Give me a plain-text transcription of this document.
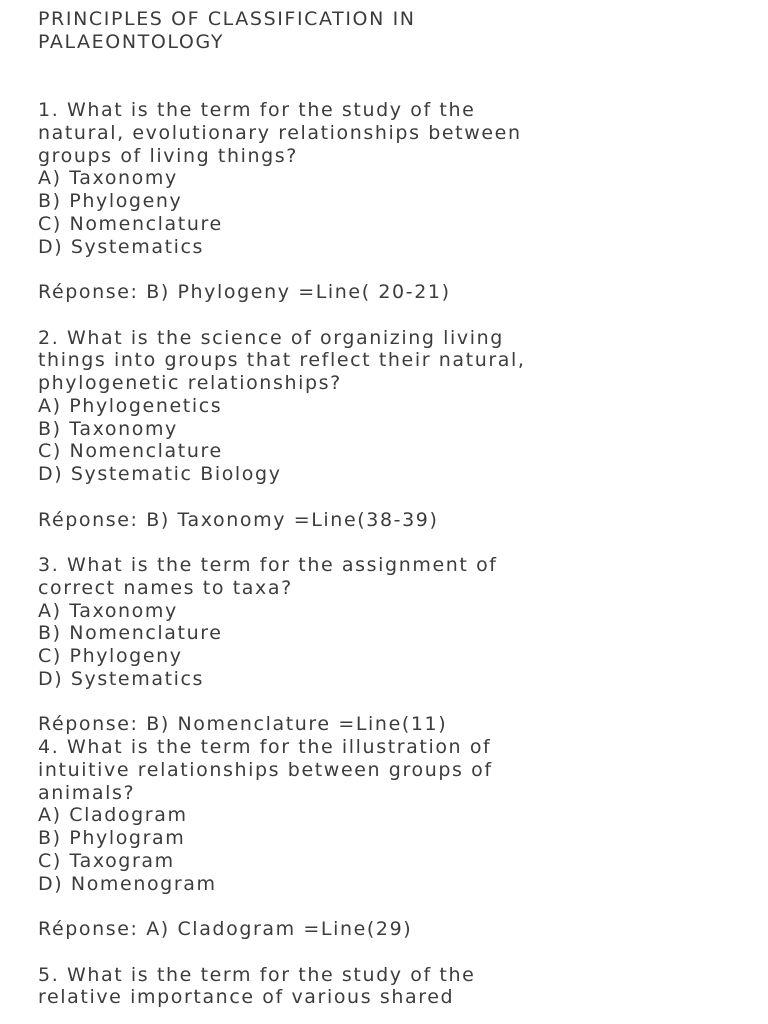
PRINCIPLES OF CLASSIFICATION IN
PALAEONTOLOGY
1. What is the term for the study of the
natural, evolutionary relationships between
groups of living things?
A) Taxonomy
B) Phylogeny
C) Nomenclature
D) Systematics
Réponse: B) Phylogeny =Line( 20-21)
2. What is the science of organizing living
things into groups that reflect their natural,
phylogenetic relationships?
A) Phylogenetics
B) Taxonomy
C) Nomenclature
D) Systematic Biology
Réponse: B) Taxonomy =Line(38-39)
3. What is the term for the assignment of
correct names to taxa?
A) Taxonomy
B) Nomenclature
C) Phylogeny
D) Systematics
Réponse: B) Nomenclature =Line(11)
4. What is the term for the illustration of
intuitive relationships between groups of
animals?
A) Cladogram
B) Phylogram
C) Taxogram
D) Nomenogram
Réponse: A) Cladogram =Line(29)
5. What is the term for the study of the
relative importance of various shared
